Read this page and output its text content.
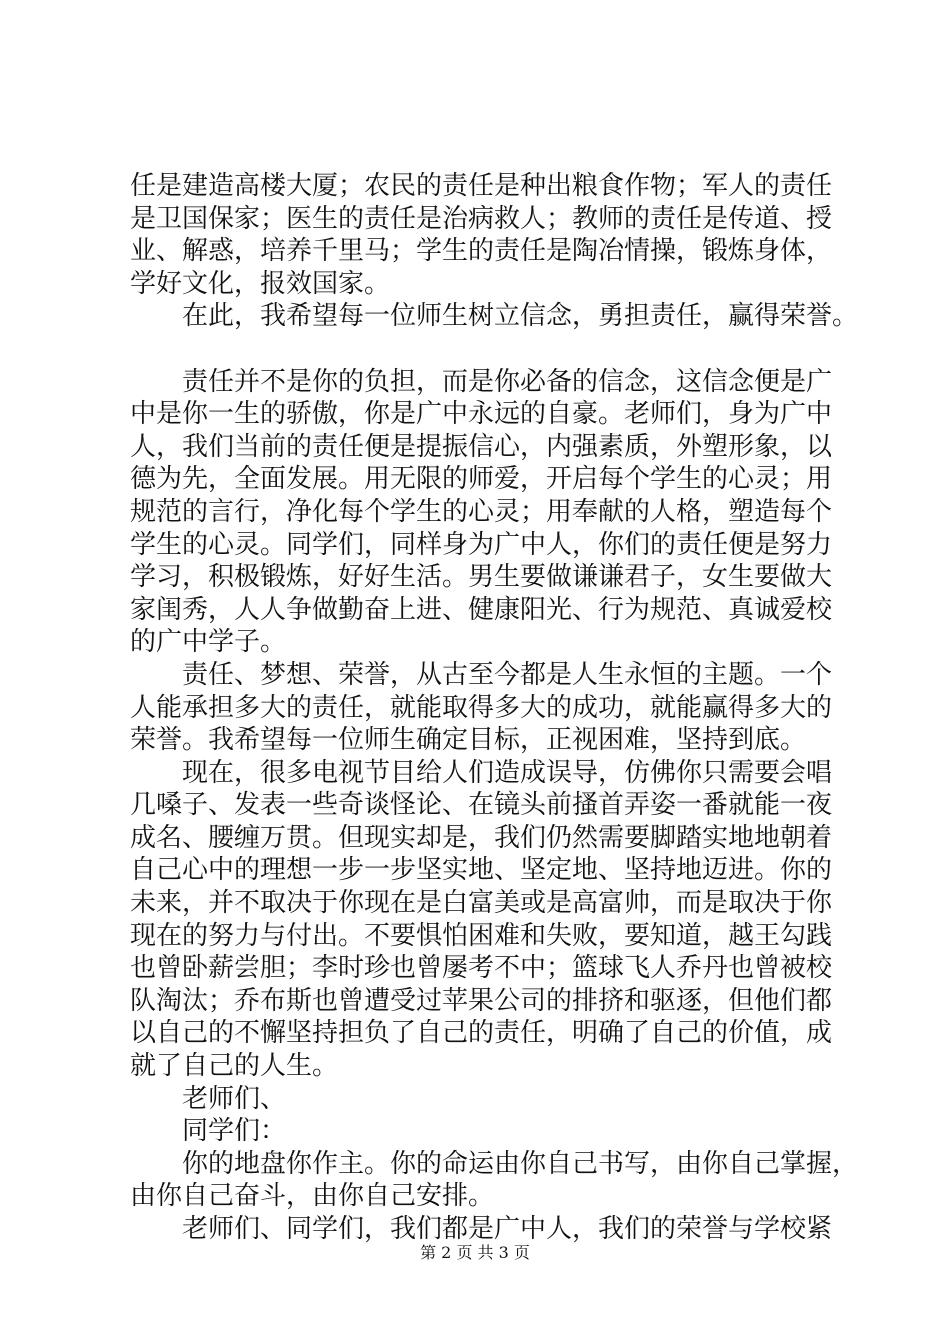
任是建造高楼大厦；农民的责任是种出粮食作物；军人的责任
是卫国保家；医生的责任是治病救人；教师的责任是传道、授
业、解惑，培养千里马；学生的责任是陶冶情操，锻炼身体，
学好文化，报效国家。
在此，我希望每一位师生树立信念，勇担责任，赢得荣誉。
责任并不是你的负担，而是你必备的信念，这信念便是广
中是你一生的骄傲，你是广中永远的自豪。老师们，身为广中
人，我们当前的责任便是提振信心，内强素质，外塑形象，以
德为先，全面发展。用无限的师爱，开启每个学生的心灵；用
规范的言行，净化每个学生的心灵；用奉献的人格，塑造每个
学生的心灵。同学们，同样身为广中人，你们的责任便是努力
学习，积极锻炼，好好生活。男生要做谦谦君子，女生要做大
家闺秀，人人争做勤奋上进、健康阳光、行为规范、真诚爱校
的广中学子。
责任、梦想、荣誉，从古至今都是人生永恒的主题。一个
人能承担多大的责任，就能取得多大的成功，就能赢得多大的
荣誉。我希望每一位师生确定目标，正视困难，坚持到底。
现在，很多电视节目给人们造成误导，仿佛你只需要会唱
几嗓子、发表一些奇谈怪论、在镜头前搔首弄姿一番就能一夜
成名、腰缠万贯。但现实却是，我们仍然需要脚踏实地地朝着
自己心中的理想一步一步坚实地、坚定地、坚持地迈进。你的
未来，并不取决于你现在是白富美或是高富帅，而是取决于你
现在的努力与付出。不要惧怕困难和失败，要知道，越王勾践
也曾卧薪尝胆；李时珍也曾屡考不中；篮球飞人乔丹也曾被校
队淘汰；乔布斯也曾遭受过苹果公司的排挤和驱逐，但他们都
以自己的不懈坚持担负了自己的责任，明确了自己的价值，成
就了自己的人生。
老师们、
同学们：
你的地盘你作主。你的命运由你自己书写，由你自己掌握，
由你自己奋斗，由你自己安排。
老师们、同学们，我们都是广中人，我们的荣誉与学校紧
第 2 页 共 3 页
